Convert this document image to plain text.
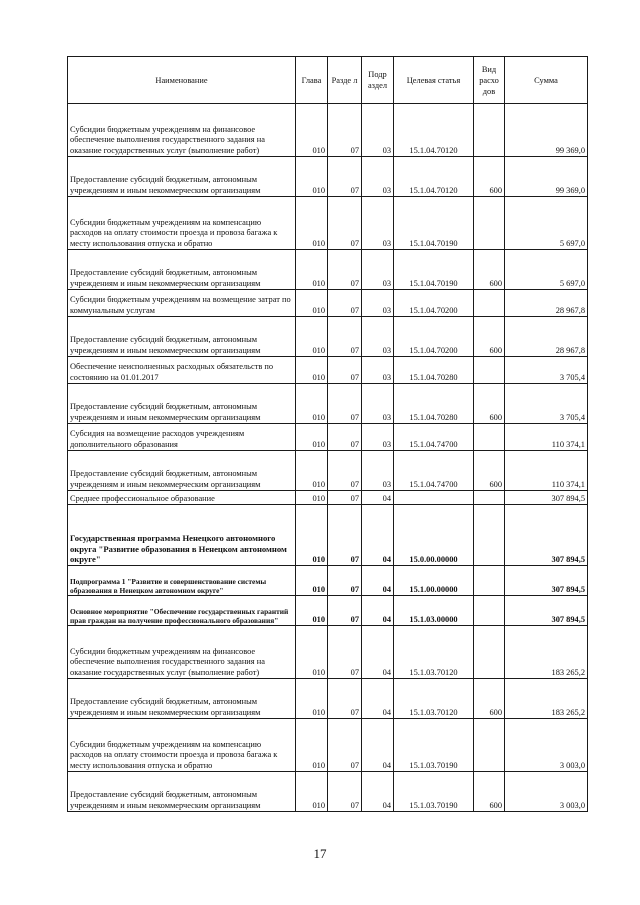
Наименование	Глава	Разде л	Подр аздел	Целевая статья	Вид расхо дов	Сумма
Субсидии бюджетным учреждениям на финансовое обеспечение выполнения государственного задания на оказание государственных услуг (выполнение работ)	010	07	03	15.1.04.70120		99 369,0
Предоставление субсидий бюджетным, автономным учреждениям и иным некоммерческим организациям	010	07	03	15.1.04.70120	600	99 369,0
Субсидии бюджетным учреждениям на компенсацию расходов на оплату стоимости проезда и провоза багажа к месту использования отпуска и обратно	010	07	03	15.1.04.70190		5 697,0
Предоставление субсидий бюджетным, автономным учреждениям и иным некоммерческим организациям	010	07	03	15.1.04.70190	600	5 697,0
Субсидии бюджетным учреждениям на возмещение затрат по коммунальным услугам	010	07	03	15.1.04.70200		28 967,8
Предоставление субсидий бюджетным, автономным учреждениям и иным некоммерческим организациям	010	07	03	15.1.04.70200	600	28 967,8
Обеспечение неисполненных расходных обязательств по состоянию на 01.01.2017	010	07	03	15.1.04.70280		3 705,4
Предоставление субсидий бюджетным, автономным учреждениям и иным некоммерческим организациям	010	07	03	15.1.04.70280	600	3 705,4
Субсидия на возмещение расходов учреждениям дополнительного образования	010	07	03	15.1.04.74700		110 374,1
Предоставление субсидий бюджетным, автономным учреждениям и иным некоммерческим организациям	010	07	03	15.1.04.74700	600	110 374,1
Среднее профессиональное образование	010	07	04			307 894,5
Государственная программа Ненецкого автономного округа "Развитие образования в Ненецком автономном округе"	010	07	04	15.0.00.00000		307 894,5
Подпрограмма 1 "Развитие и совершенствование системы образования в Ненецком автономном округе"	010	07	04	15.1.00.00000		307 894,5
Основное мероприятие "Обеспечение государственных гарантий прав граждан на получение профессионального образования"	010	07	04	15.1.03.00000		307 894,5
Субсидии бюджетным учреждениям на финансовое обеспечение выполнения государственного задания на оказание государственных услуг (выполнение работ)	010	07	04	15.1.03.70120		183 265,2
Предоставление субсидий бюджетным, автономным учреждениям и иным некоммерческим организациям	010	07	04	15.1.03.70120	600	183 265,2
Субсидии бюджетным учреждениям на компенсацию расходов на оплату стоимости проезда и провоза багажа к месту использования отпуска и обратно	010	07	04	15.1.03.70190		3 003,0
Предоставление субсидий бюджетным, автономным учреждениям и иным некоммерческим организациям	010	07	04	15.1.03.70190	600	3 003,0
17
